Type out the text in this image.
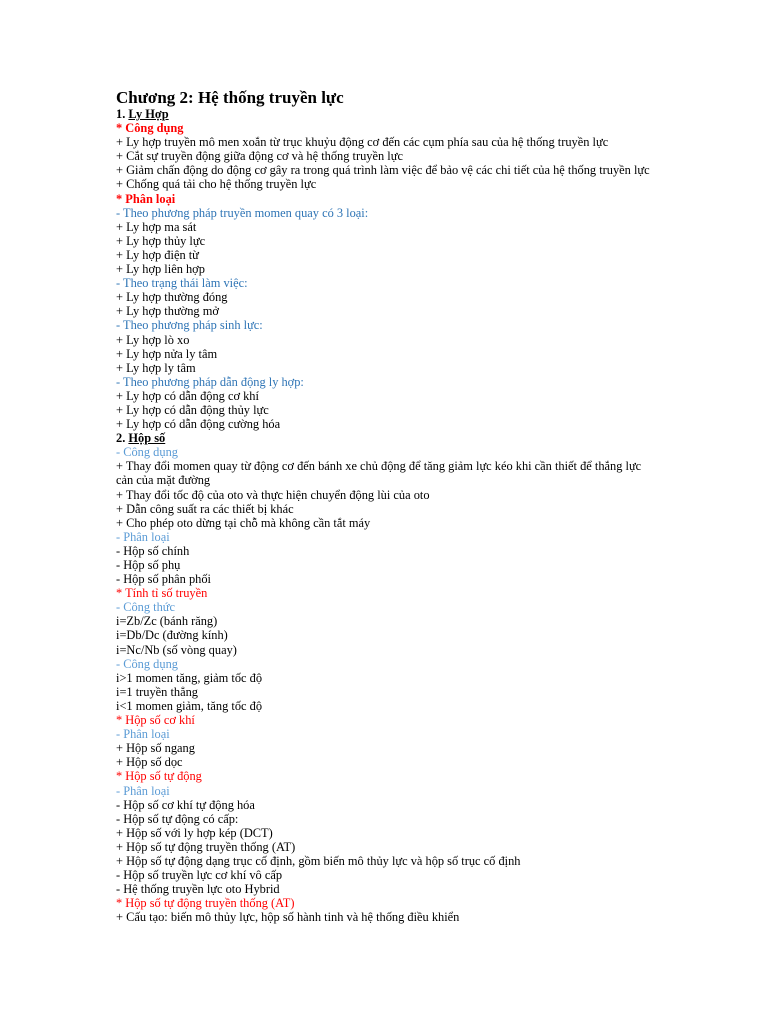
Chương 2: Hệ thống truyền lực
1. Ly Hợp
* Công dụng
+ Ly hợp truyền mô men xoắn từ trục khuỷu động cơ đến các cụm phía sau của hệ thống truyền lực
+ Cắt sự truyền động giữa động cơ và hệ thống truyền lực
+ Giảm chấn động do động cơ gây ra trong quá trình làm việc để bảo vệ các chi tiết của hệ thống truyền lực
+ Chống quá tải cho hệ thống truyền lực
* Phân loại
- Theo phương pháp truyền momen quay có 3 loại:
+ Ly hợp ma sát
+ Ly hợp thủy lực
+ Ly hợp điện từ
+ Ly hợp liên hợp
- Theo trạng thái làm việc:
+ Ly hợp thường đóng
+ Ly hợp thường mở
- Theo phương pháp sinh lực:
+ Ly hợp lò xo
+ Ly hợp nửa ly tâm
+ Ly hợp ly tâm
- Theo phương pháp dẫn động ly hợp:
+ Ly hợp có dẫn động cơ khí
+ Ly hợp có dẫn động thủy lực
+ Ly hợp có dẫn động cường hóa
2. Hộp số
- Công dụng
+ Thay đổi momen quay từ động cơ đến bánh xe chủ động để tăng giảm lực kéo khi cần thiết để thắng lực cản của mặt đường
+ Thay đổi tốc độ của oto và thực hiện chuyển động lùi của oto
+ Dẫn công suất ra các thiết bị khác
+ Cho phép oto dừng tại chỗ mà không cần tắt máy
- Phân loại
- Hộp số chính
- Hộp số phụ
- Hộp số phân phối
* Tính tỉ số truyền
- Công thức
i=Zb/Zc (bánh răng)
i=Db/Dc (đường kính)
i=Nc/Nb (số vòng quay)
- Công dụng
i>1 momen tăng, giảm tốc độ
i=1 truyền thẳng
i<1 momen giảm, tăng tốc độ
* Hộp số cơ khí
- Phân loại
+ Hộp số ngang
+ Hộp số dọc
* Hộp số tự động
- Phân loại
- Hộp số cơ khí tự động hóa
- Hộp số tự động có cấp:
+ Hộp số với ly hợp kép (DCT)
+ Hộp số tự động truyền thống (AT)
+ Hộp số tự động dạng trục cố định, gồm biến mô thủy lực và hộp số trục cố định
- Hộp số truyền lực cơ khí vô cấp
- Hệ thống truyền lực oto Hybrid
* Hộp số tự động truyền thống (AT)
+ Cấu tạo: biến mô thủy lực, hộp số hành tinh và hệ thống điều khiển
